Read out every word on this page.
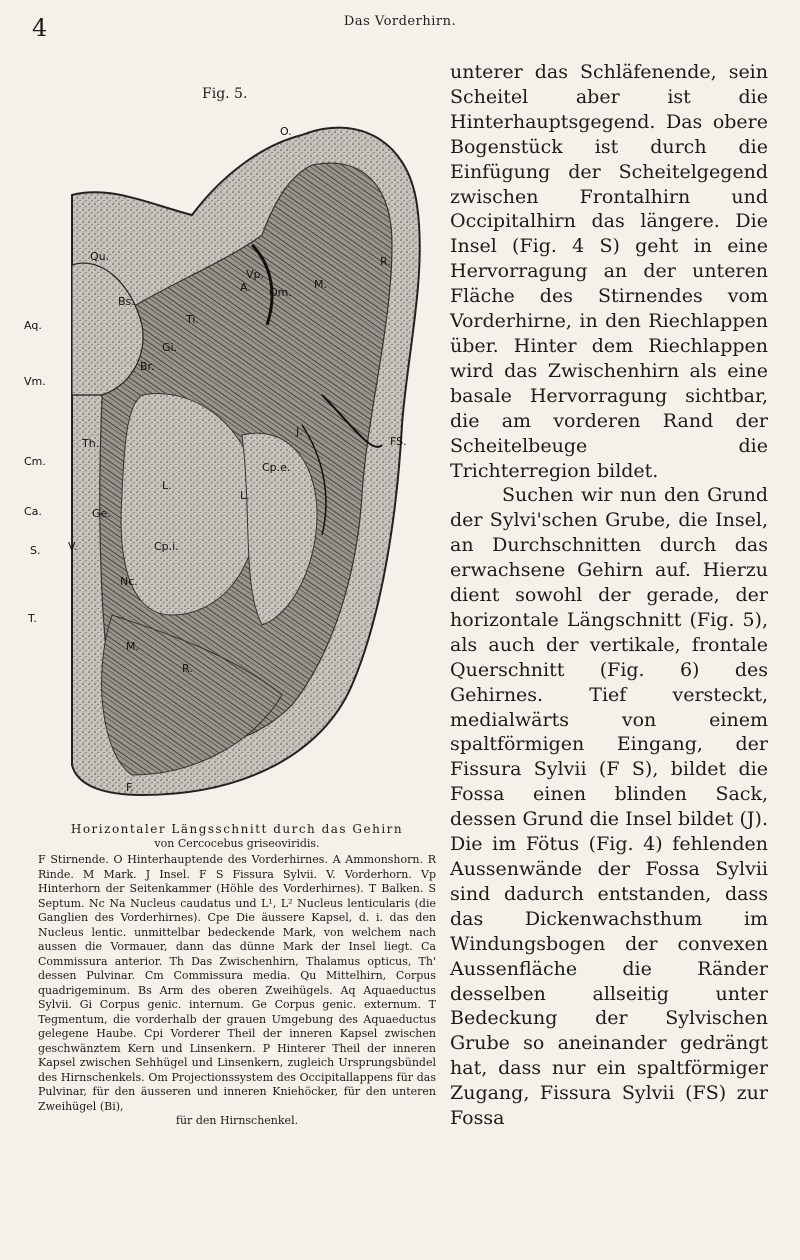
4	Das Vorderhirn.
Fig. 5.
O.
Qu.
Aq.
Bs.
Ti.
Vp.
A. Om.
R.
M.
Gi.
Br.
Vm.
J.
Th.	FS.
Cm.	Cp.e.
L.
L.
Ca.	Ge.
Cp.i.
S.	V.
Nc.
T.
M.
R.
F.

Horizontaler Längsschnitt durch das Gehirn

von Cercocebus griseoviridis.

F Stirnende. O Hinterhauptende des Vorderhirnes. A Ammonshorn. R Rinde. M Mark. J Insel. F S Fissura Sylvii. V. Vorderhorn. Vp Hinterhorn der Seitenkammer (Höhle des Vorderhirnes). T Balken. S Septum. Nc Na Nucleus caudatus und L¹, L² Nucleus lenticularis (die Ganglien des Vorderhirnes). Cpe Die äussere Kapsel, d. i. das den Nucleus lentic. unmittelbar bedeckende Mark, von welchem nach aussen die Vormauer, dann das dünne Mark der Insel liegt. Ca Commissura anterior. Th Das Zwischenhirn, Thalamus opticus, Th' dessen Pulvinar. Cm Commissura media. Qu Mittelhirn, Corpus quadrigeminum. Bs Arm des oberen Zweihügels. Aq Aquaeductus Sylvii. Gi Corpus genic. internum. Ge Corpus genic. externum. T Tegmentum, die vorderhalb der grauen Umgebung des Aquaeductus gelegene Haube. Cpi Vorderer Theil der inneren Kapsel zwischen geschwänztem Kern und Linsenkern. P Hinterer Theil der inneren Kapsel zwischen Sehhügel und Linsenkern, zugleich Ursprungsbündel des Hirnschenkels. Om Projectionssystem des Occipitallappens für das Pulvinar, für den äusseren und inneren Kniehöcker, für den unteren Zweihügel (Bi),

für den Hirnschenkel.

unterer das Schläfenende, sein Scheitel aber ist die Hinterhauptsgegend. Das obere Bogenstück ist durch die Einfügung der Scheitelgegend zwischen Frontalhirn und Occipitalhirn das längere. Die Insel (Fig. 4 S) geht in eine Hervorragung an der unteren Fläche des Stirnendes vom Vorderhirne, in den Riechlappen über. Hinter dem Riechlappen wird das Zwischenhirn als eine basale Hervorragung sichtbar, die am vorderen Rand der Scheitelbeuge die Trichterregion bildet.

Suchen wir nun den Grund der Sylvi'schen Grube, die Insel, an Durchschnitten durch das erwachsene Gehirn auf. Hierzu dient sowohl der gerade, der horizontale Längschnitt (Fig. 5), als auch der vertikale, frontale Querschnitt (Fig. 6) des Gehirnes. Tief versteckt, medialwärts von einem spaltförmigen Eingang, der Fissura Sylvii (F S), bildet die Fossa einen blinden Sack, dessen Grund die Insel bildet (J). Die im Fötus (Fig. 4) fehlenden Aussenwände der Fossa Sylvii sind dadurch entstanden, dass das Dickenwachsthum im Windungsbogen der convexen Aussenfläche die Ränder desselben allseitig unter Bedeckung der Sylvischen Grube so aneinander gedrängt hat, dass nur ein spaltförmiger Zugang, Fissura Sylvii (FS) zur Fossa
